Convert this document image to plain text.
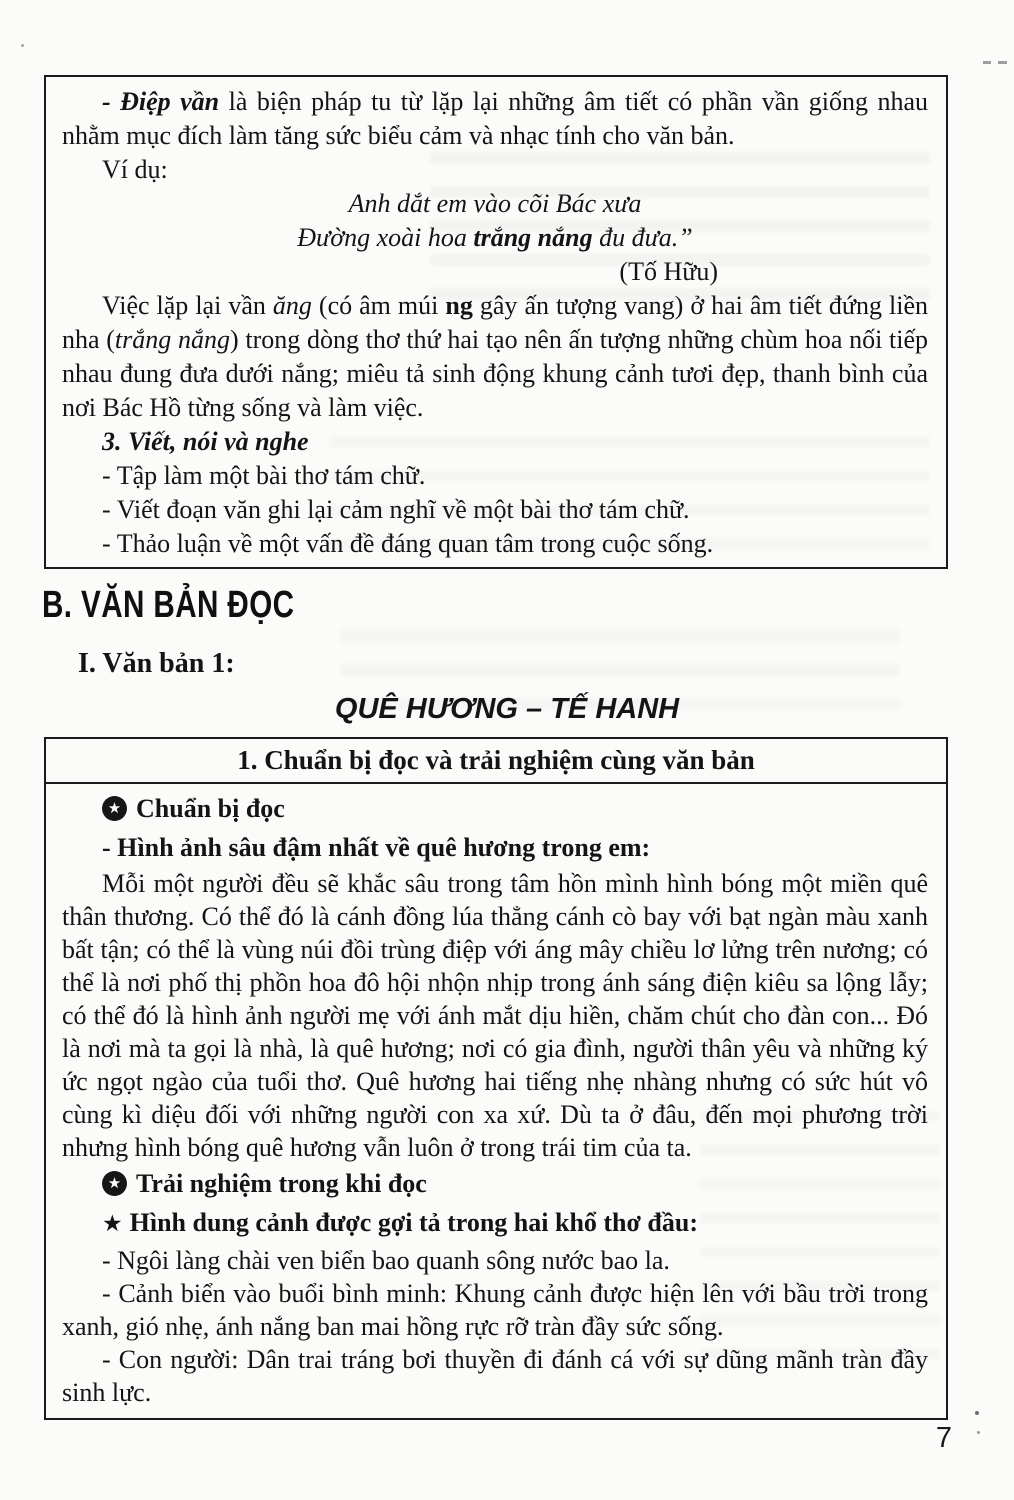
- Điệp vần là biện pháp tu từ lặp lại những âm tiết có phần vần giống nhau nhằm mục đích làm tăng sức biểu cảm và nhạc tính cho văn bản.

Ví dụ:

Anh dắt em vào cõi Bác xưa

Đường xoài hoa trắng nắng đu đưa.”

(Tố Hữu)

Việc lặp lại vần ăng (có âm múi ng gây ấn tượng vang) ở hai âm tiết đứng liền nha (trắng nắng) trong dòng thơ thứ hai tạo nên ấn tượng những chùm hoa nối tiếp nhau đung đưa dưới nắng; miêu tả sinh động khung cảnh tươi đẹp, thanh bình của nơi Bác Hồ từng sống và làm việc.

3. Viết, nói và nghe

- Tập làm một bài thơ tám chữ.

- Viết đoạn văn ghi lại cảm nghĩ về một bài thơ tám chữ.

- Thảo luận về một vấn đề đáng quan tâm trong cuộc sống.

B. VĂN BẢN ĐỌC
I. Văn bản 1:
QUÊ HƯƠNG – TẾ HANH
1. Chuẩn bị đọc và trải nghiệm cùng văn bản

★ Chuẩn bị đọc

- Hình ảnh sâu đậm nhất về quê hương trong em:

Mỗi một người đều sẽ khắc sâu trong tâm hồn mình hình bóng một miền quê thân thương. Có thể đó là cánh đồng lúa thẳng cánh cò bay với bạt ngàn màu xanh bất tận; có thể là vùng núi đồi trùng điệp với áng mây chiều lơ lửng trên nương; có thể là nơi phố thị phồn hoa đô hội nhộn nhịp trong ánh sáng điện kiêu sa lộng lẫy; có thể đó là hình ảnh người mẹ với ánh mắt dịu hiền, chăm chút cho đàn con... Đó là nơi mà ta gọi là nhà, là quê hương; nơi có gia đình, người thân yêu và những ký ức ngọt ngào của tuổi thơ. Quê hương hai tiếng nhẹ nhàng nhưng có sức hút vô cùng kì diệu đối với những người con xa xứ. Dù ta ở đâu, đến mọi phương trời nhưng hình bóng quê hương vẫn luôn ở trong trái tim của ta.

★ Trải nghiệm trong khi đọc

★ Hình dung cảnh được gợi tả trong hai khổ thơ đầu:

- Ngôi làng chài ven biển bao quanh sông nước bao la.

- Cảnh biển vào buổi bình minh: Khung cảnh được hiện lên với bầu trời trong xanh, gió nhẹ, ánh nắng ban mai hồng rực rỡ tràn đầy sức sống.

- Con người: Dân trai tráng bơi thuyền đi đánh cá với sự dũng mãnh tràn đầy sinh lực.

7
